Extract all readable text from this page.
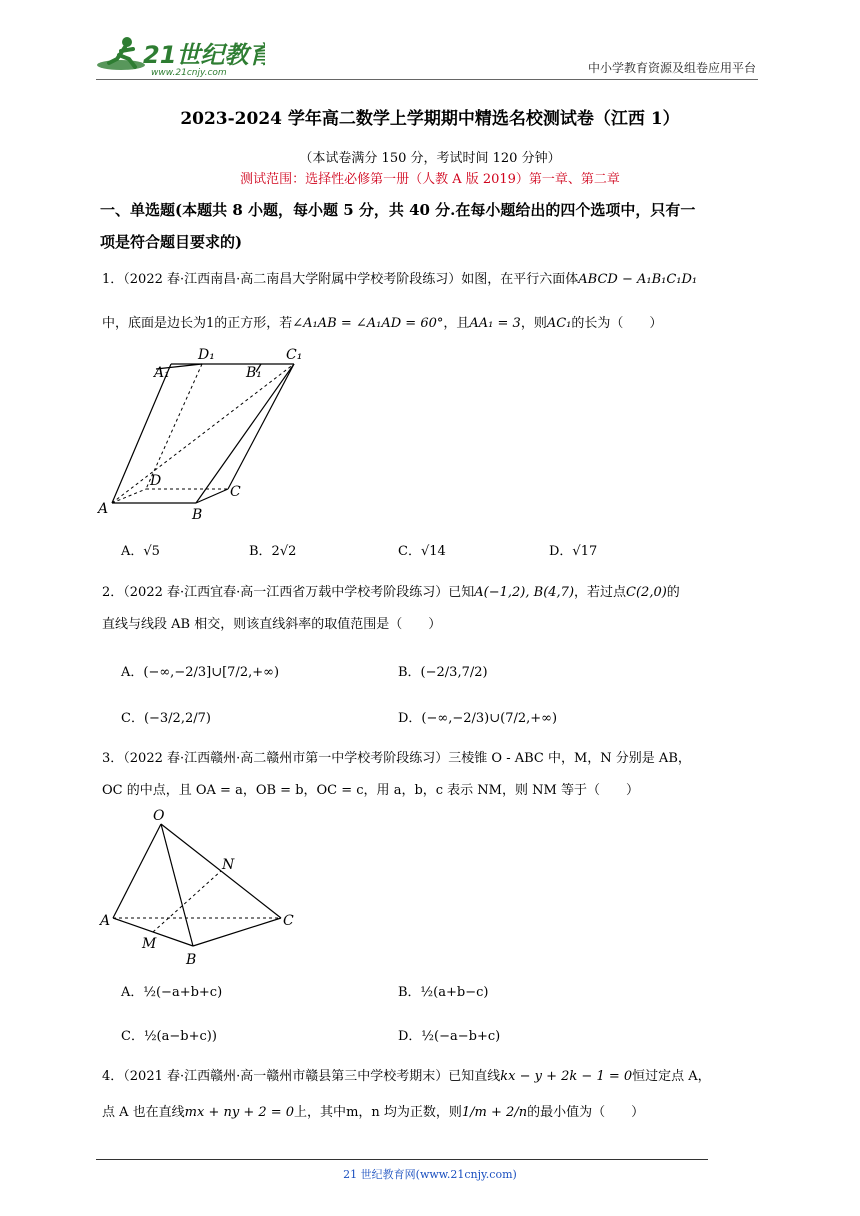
21世纪教育
www.21cnjy.com	中小学教育资源及组卷应用平台
2023-2024 学年高二数学上学期期中精选名校测试卷（江西 1）
（本试卷满分 150 分，考试时间 120 分钟）
测试范围：选择性必修第一册（人教 A 版 2019）第一章、第二章
一、单选题(本题共 8 小题，每小题 5 分，共 40 分.在每小题给出的四个选项中，只有一
项是符合题目要求的)
1．（2022 春·江西南昌·高二南昌大学附属中学校考阶段练习）如图，在平行六面体ABCD − A₁B₁C₁D₁
中，底面是边长为1的正方形，若∠A₁AB = ∠A₁AD = 60°，且AA₁ = 3，则AC₁的长为（　　）
D₁	C₁
A₁	B₁
D
C
A	B
A．√5	B．2√2	C．√14	D．√17
2．（2022 春·江西宜春·高一江西省万载中学校考阶段练习）已知A(−1,2), B(4,7)，若过点C(2,0)的
直线与线段 AB 相交，则该直线斜率的取值范围是（　　）
A．(−∞,−2/3]∪[7/2,+∞)	B．(−2/3,7/2)
C．(−3/2,2/7)	D．(−∞,−2/3)∪(7/2,+∞)
3．（2022 春·江西赣州·高二赣州市第一中学校考阶段练习）三棱锥 O - ABC 中，M，N 分别是 AB，
OC 的中点，且 OA = a，OB = b，OC = c，用 a，b，c 表示 NM，则 NM 等于（　　）
O
N
A	C
M
B
A．½(−a+b+c)	B．½(a+b−c)
C．½(a−b+c))	D．½(−a−b+c)
4．（2021 春·江西赣州·高一赣州市赣县第三中学校考期末）已知直线kx − y + 2k − 1 = 0恒过定点 A，
点 A 也在直线mx + ny + 2 = 0上，其中m，n 均为正数，则1/m + 2/n的最小值为（　　）
21 世纪教育网(www.21cnjy.com)
